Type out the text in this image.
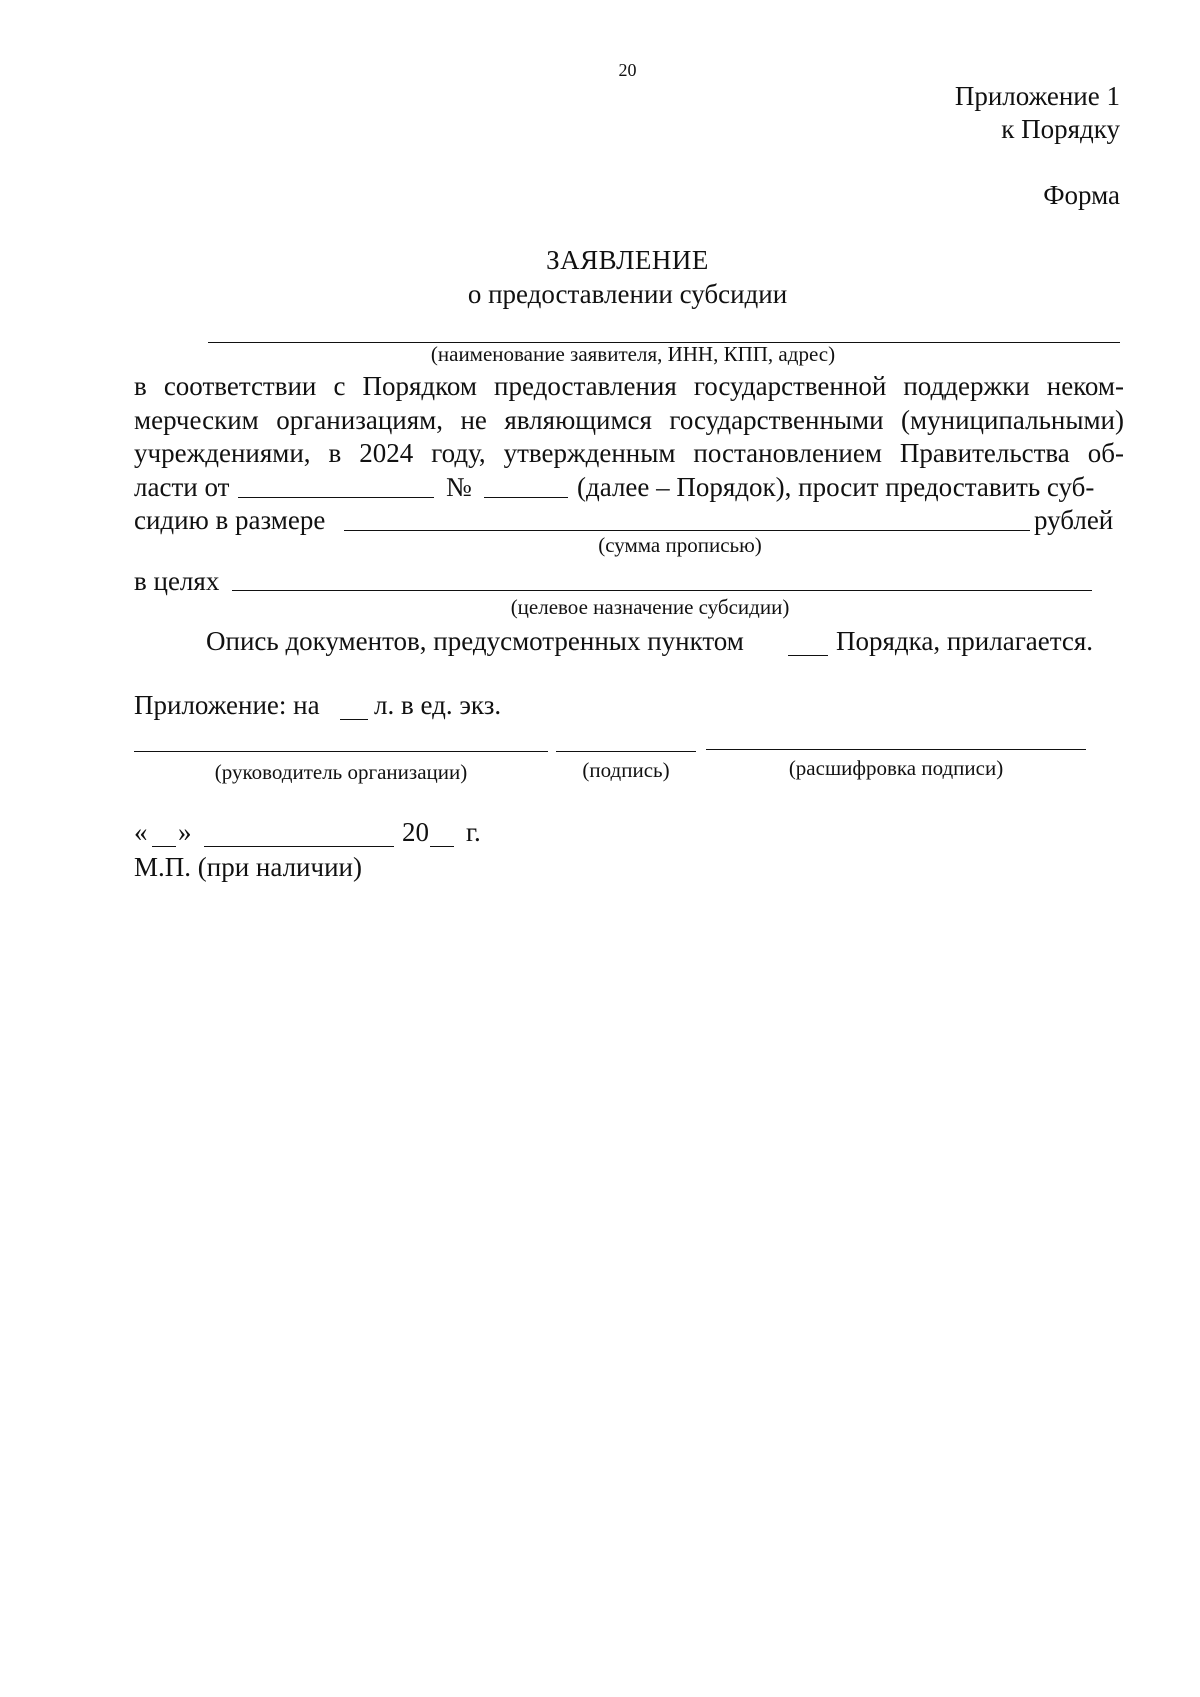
20
Приложение 1
к Порядку
Форма
ЗАЯВЛЕНИЕ
о предоставлении субсидии
(наименование заявителя, ИНН, КПП, адрес)
в соответствии с Порядком предоставления государственной поддержки неком-
мерческим организациям, не являющимся государственными (муниципальными)
учреждениями, в 2024 году, утвержденным постановлением Правительства об-
ласти от	№	(далее – Порядок), просит предоставить суб-
сидию в размере	рублей
(сумма прописью)
в целях
(целевое назначение субсидии)
Опись документов, предусмотренных пунктом	Порядка, прилагается.
Приложение: на л. в ед. экз.
(руководитель организации)	(подпись)	(расшифровка подписи)
« »	20 г.
М.П. (при наличии)
